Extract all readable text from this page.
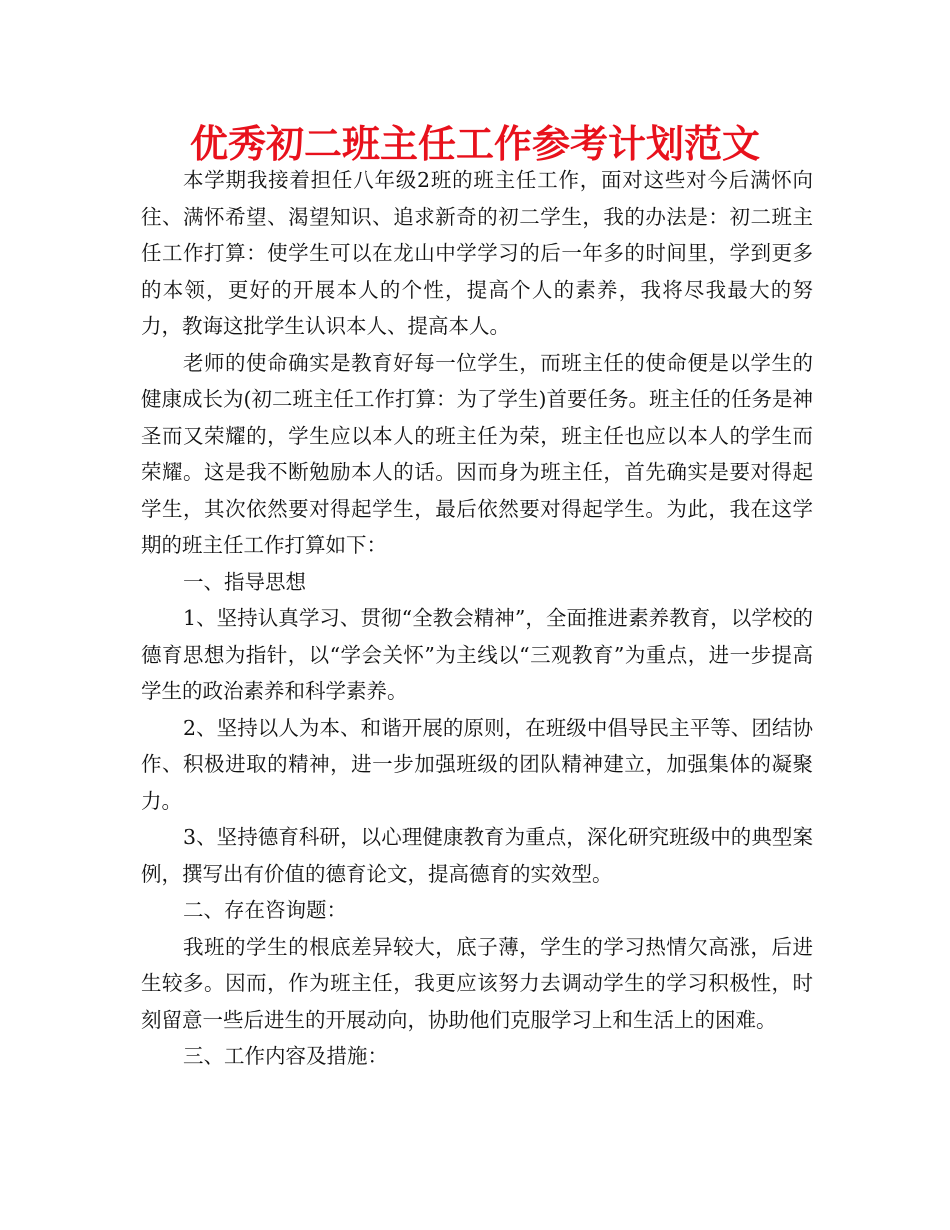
优秀初二班主任工作参考计划范文

本学期我接着担任八年级2班的班主任工作，面对这些对今后满怀向往、满怀希望、渴望知识、追求新奇的初二学生，我的办法是：初二班主任工作打算：使学生可以在龙山中学学习的后一年多的时间里，学到更多的本领，更好的开展本人的个性，提高个人的素养，我将尽我最大的努力，教诲这批学生认识本人、提高本人。

老师的使命确实是教育好每一位学生，而班主任的使命便是以学生的健康成长为(初二班主任工作打算：为了学生)首要任务。班主任的任务是神圣而又荣耀的，学生应以本人的班主任为荣，班主任也应以本人的学生而荣耀。这是我不断勉励本人的话。因而身为班主任，首先确实是要对得起学生，其次依然要对得起学生，最后依然要对得起学生。为此，我在这学期的班主任工作打算如下：

一、指导思想

1、坚持认真学习、贯彻“全教会精神”，全面推进素养教育，以学校的德育思想为指针，以“学会关怀”为主线以“三观教育”为重点，进一步提高学生的政治素养和科学素养。

2、坚持以人为本、和谐开展的原则，在班级中倡导民主平等、团结协作、积极进取的精神，进一步加强班级的团队精神建立，加强集体的凝聚力。

3、坚持德育科研，以心理健康教育为重点，深化研究班级中的典型案例，撰写出有价值的德育论文，提高德育的实效型。

二、存在咨询题：

我班的学生的根底差异较大，底子薄，学生的学习热情欠高涨，后进生较多。因而，作为班主任，我更应该努力去调动学生的学习积极性，时刻留意一些后进生的开展动向，协助他们克服学习上和生活上的困难。

三、工作内容及措施：
